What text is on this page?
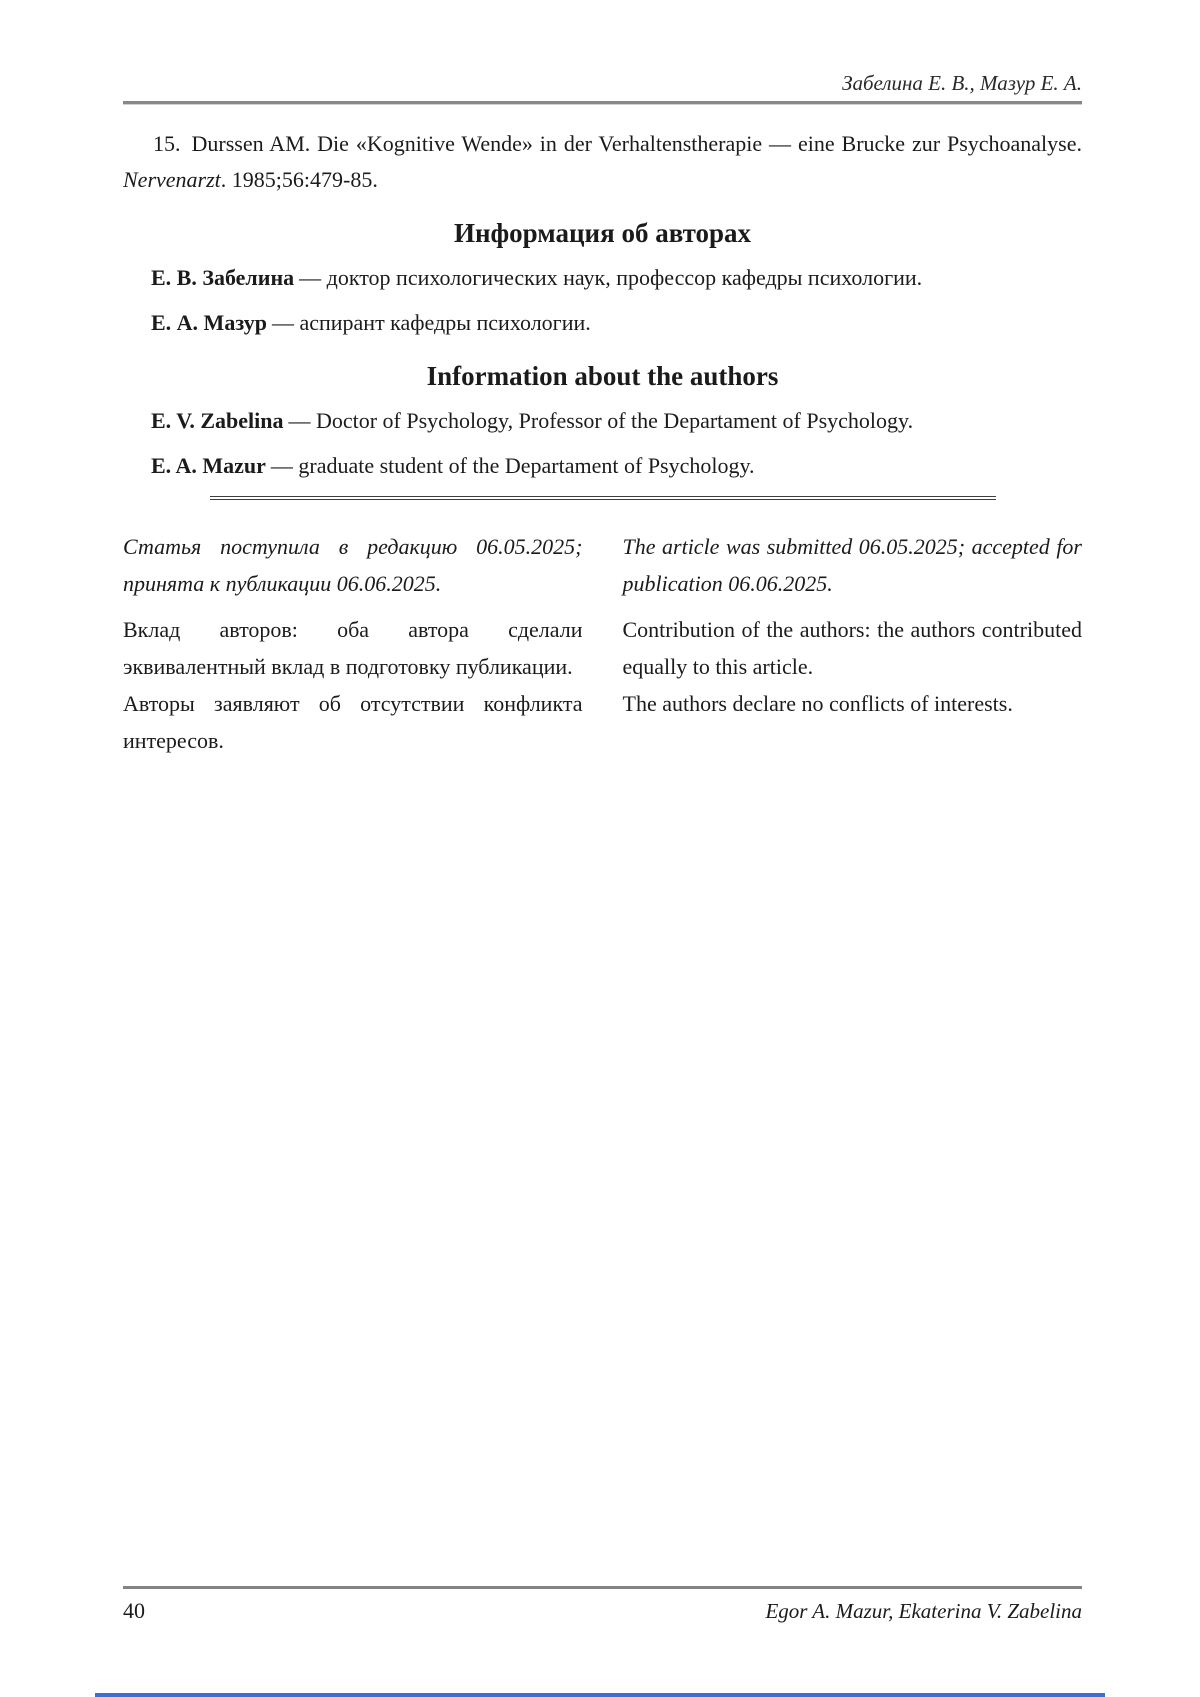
Забелина Е. В., Мазур Е. А.

15. Durssen AM. Die «Kognitive Wende» in der Verhaltenstherapie — eine Brucke zur Psychoanalyse. Nervenarzt. 1985;56:479-85.

Информация об авторах

Е. В. Забелина — доктор психологических наук, профессор кафедры психологии.

Е. А. Мазур — аспирант кафедры психологии.

Information about the authors

E. V. Zabelina — Doctor of Psychology, Professor of the Departament of Psychology.

E. A. Mazur — graduate student of the Departament of Psychology.

Статья поступила в редакцию 06.05.2025; принята к публикации 06.06.2025.

Вклад авторов: оба автора сделали эквивалентный вклад в подготовку публикации.

Авторы заявляют об отсутствии конфликта интересов.

The article was submitted 06.05.2025; accepted for publication 06.06.2025.

Contribution of the authors: the authors contributed equally to this article.

The authors declare no conflicts of interests.

40	Egor A. Mazur, Ekaterina V. Zabelina
